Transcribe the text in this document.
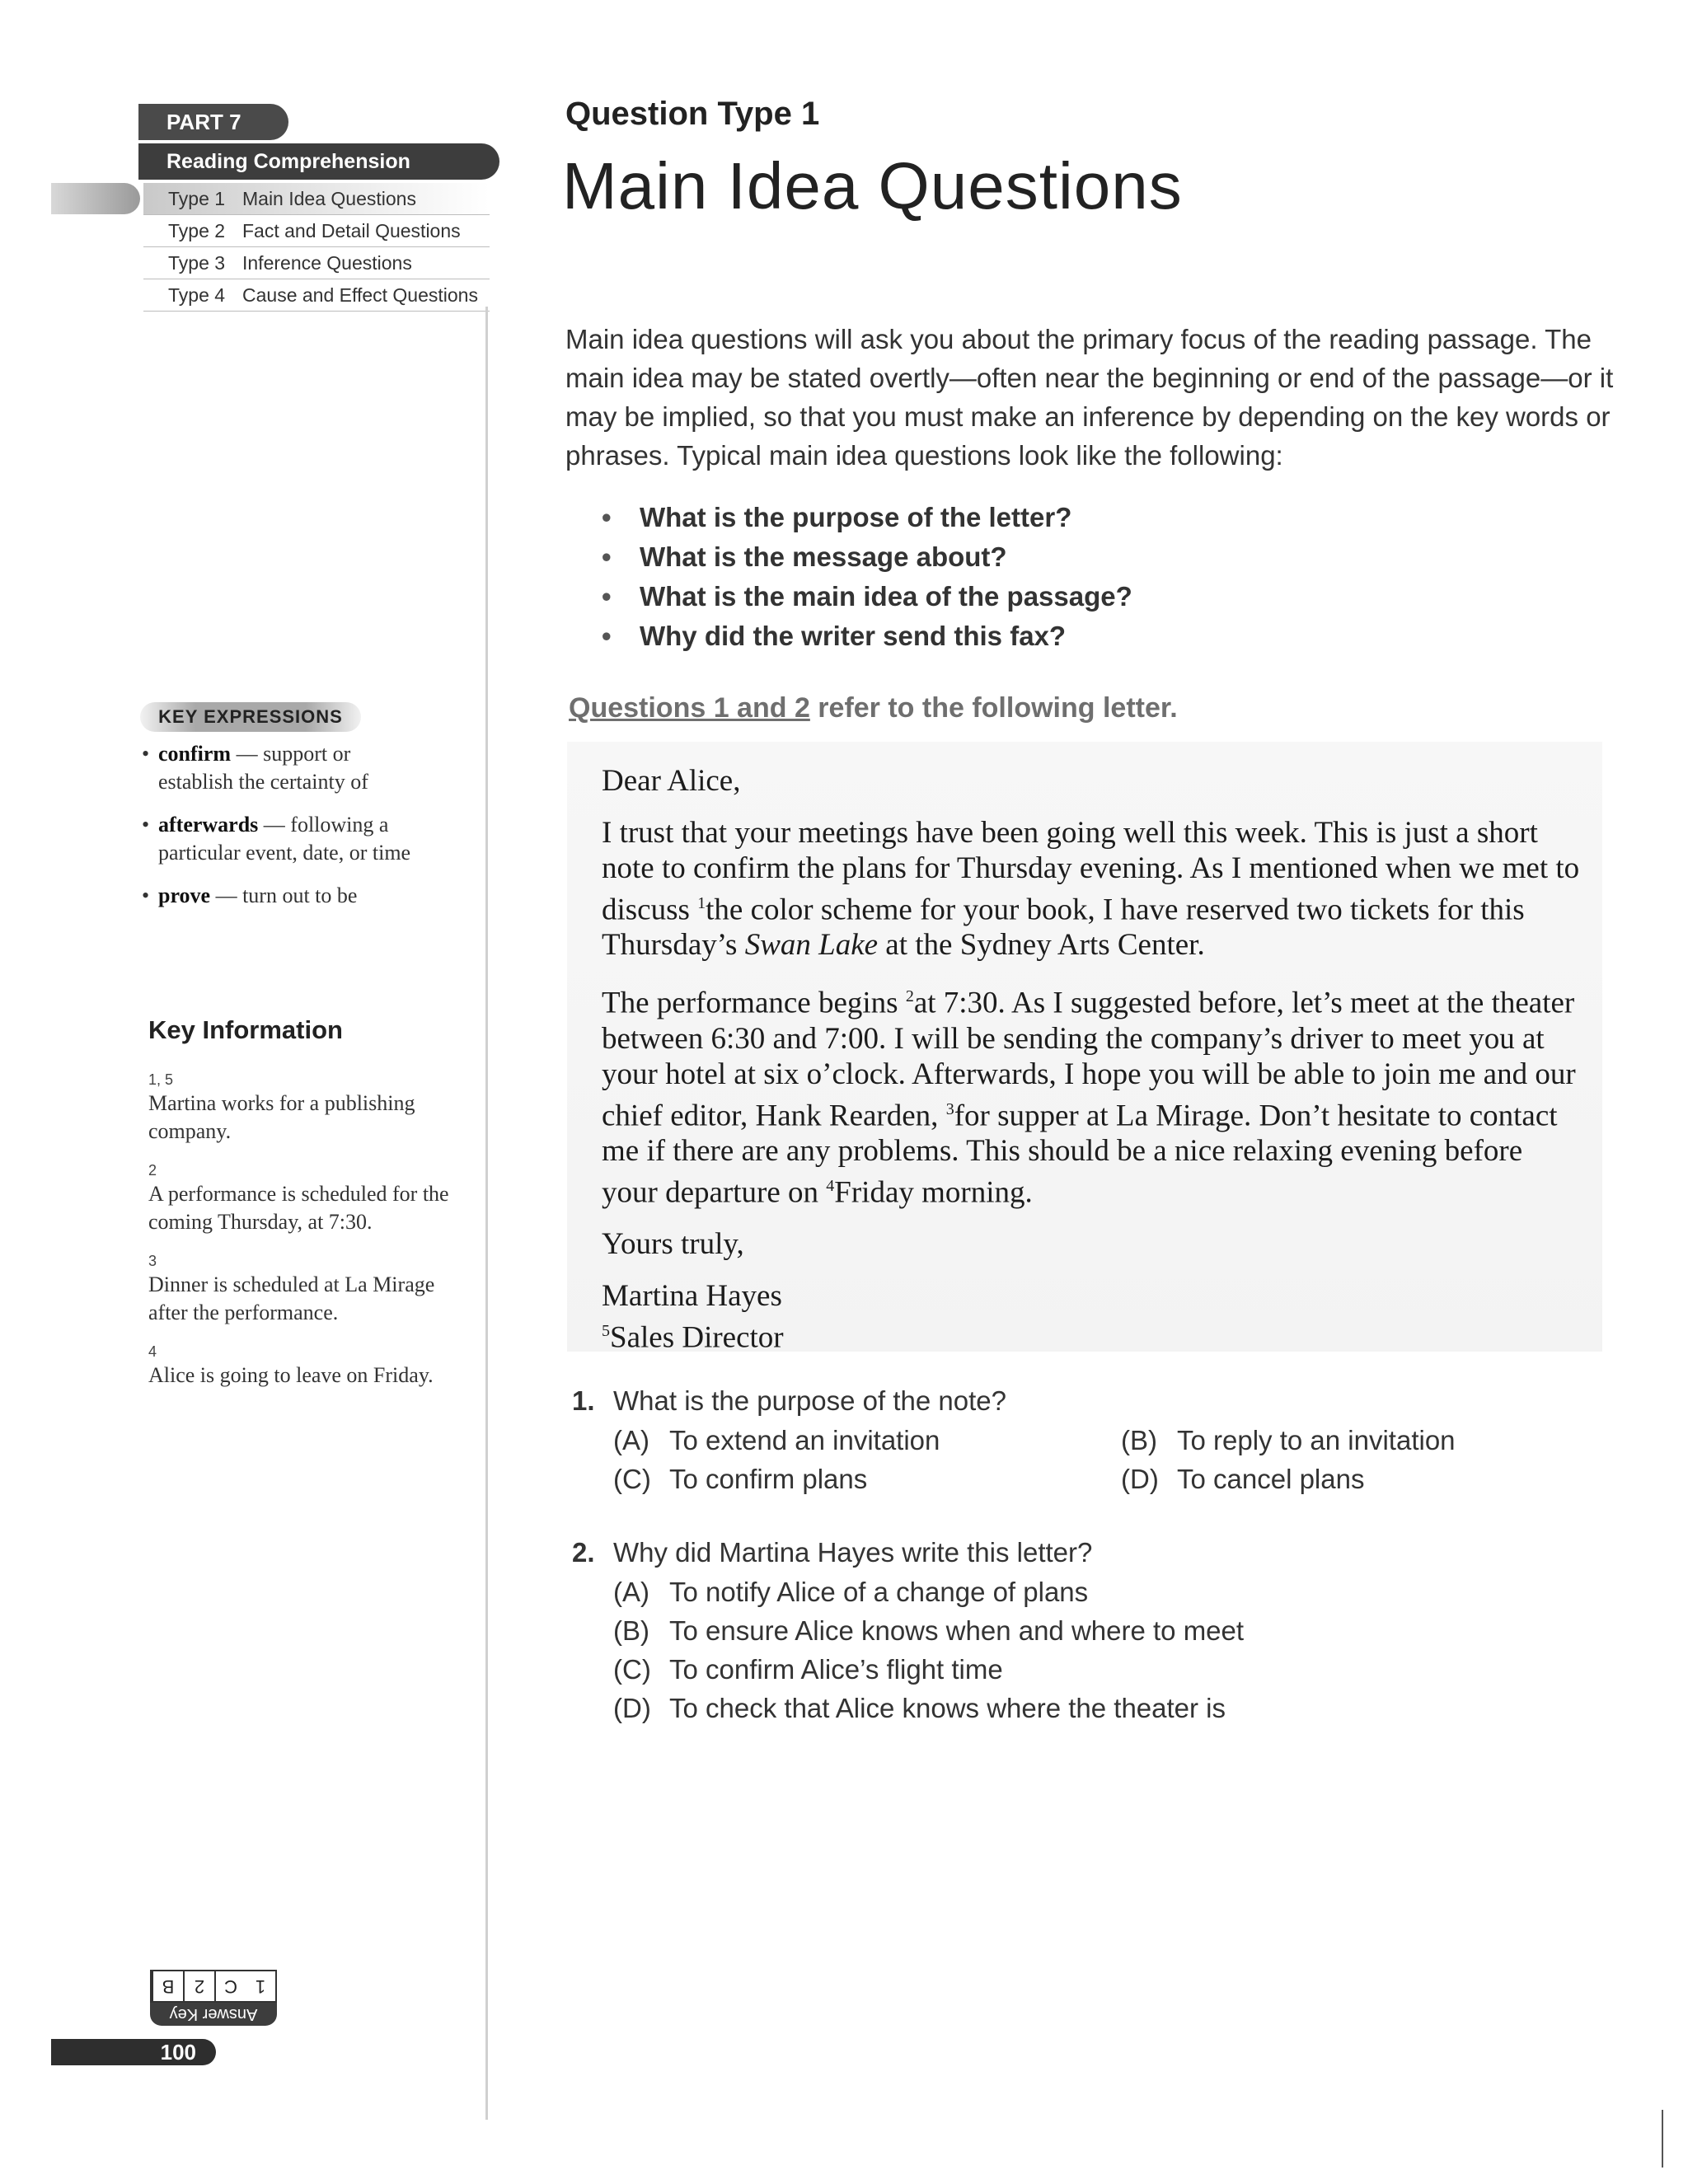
PART 7
Reading Comprehension
Type 1 Main Idea Questions
Type 2 Fact and Detail Questions
Type 3 Inference Questions
Type 4 Cause and Effect Questions
KEY EXPRESSIONS
• confirm — support or
establish the certainty of
• afterwards — following a
particular event, date, or time
• prove — turn out to be
Key Information
1, 5
Martina works for a publishing company.
2
A performance is scheduled for the coming Thursday, at 7:30.
3
Dinner is scheduled at La Mirage after the performance.
4
Alice is going to leave on Friday.
B	2	C 1
Answer Key
100
Question Type 1
Main Idea Questions
Main idea questions will ask you about the primary focus of the reading passage. The main idea may be stated overtly—often near the beginning or end of the passage—or it may be implied, so that you must make an inference by depending on the key words or phrases. Typical main idea questions look like the following:
• What is the purpose of the letter?
• What is the message about?
• What is the main idea of the passage?
• Why did the writer send this fax?
Questions 1 and 2 refer to the following letter.

Dear Alice,

I trust that your meetings have been going well this week. This is just a short note to confirm the plans for Thursday evening. As I mentioned when we met to discuss $^1$the color scheme for your book, I have reserved two tickets for this Thursday’s Swan Lake at the Sydney Arts Center.

The performance begins $^2$at 7:30. As I suggested before, let’s meet at the theater between 6:30 and 7:00. I will be sending the company’s driver to meet you at your hotel at six o’clock. Afterwards, I hope you will be able to join me and our chief editor, Hank Rearden, $^3$for supper at La Mirage. Don’t hesitate to contact me if there are any problems. This should be a nice relaxing evening before your departure on $^4$Friday morning.

Yours truly,

Martina Hayes

$^5$Sales Director

1. What is the purpose of the note?
(A) To extend an invitation	(B) To reply to an invitation
(C) To confirm plans	(D) To cancel plans
2. Why did Martina Hayes write this letter?
(A) To notify Alice of a change of plans
(B) To ensure Alice knows when and where to meet
(C) To confirm Alice’s flight time
(D) To check that Alice knows where the theater is
